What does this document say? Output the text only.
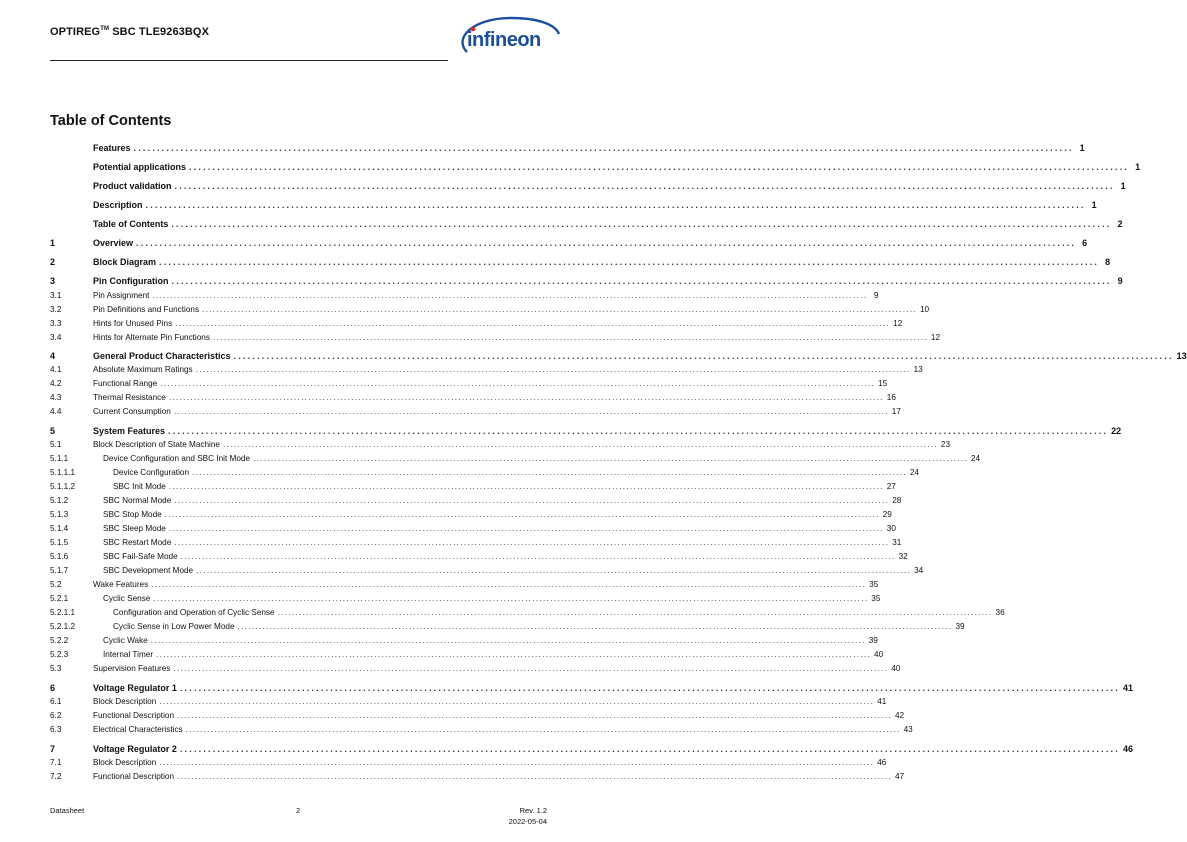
OPTIREG™ SBC TLE9263BQX	infineon
Table of Contents
Features ........................................................................................................................................................................................................ 1
Potential applications ........................................................................................................................................................................................................ 1
Product validation ........................................................................................................................................................................................................ 1
Description ........................................................................................................................................................................................................ 1
Table of Contents ........................................................................................................................................................................................................ 2
1	Overview ........................................................................................................................................................................................................ 6
2	Block Diagram ........................................................................................................................................................................................................ 8
3	Pin Configuration ........................................................................................................................................................................................................ 9
3.1	Pin Assignment ........................................................................................................................................................................................................ 9
3.2	Pin Definitions and Functions ........................................................................................................................................................................................................ 10
3.3	Hints for Unused Pins ........................................................................................................................................................................................................ 12
3.4	Hints for Alternate Pin Functions ........................................................................................................................................................................................................ 12
4	General Product Characteristics ........................................................................................................................................................................................................ 13
4.1	Absolute Maximum Ratings ........................................................................................................................................................................................................ 13
4.2	Functional Range ........................................................................................................................................................................................................ 15
4.3	Thermal Resistance ........................................................................................................................................................................................................ 16
4.4	Current Consumption ........................................................................................................................................................................................................ 17
5	System Features ........................................................................................................................................................................................................ 22
5.1	Block Description of State Machine ........................................................................................................................................................................................................ 23
5.1.1	Device Configuration and SBC Init Mode ........................................................................................................................................................................................................ 24
5.1.1.1	Device Configuration ........................................................................................................................................................................................................ 24
5.1.1.2	SBC Init Mode ........................................................................................................................................................................................................ 27
5.1.2	SBC Normal Mode ........................................................................................................................................................................................................ 28
5.1.3	SBC Stop Mode ........................................................................................................................................................................................................ 29
5.1.4	SBC Sleep Mode ........................................................................................................................................................................................................ 30
5.1.5	SBC Restart Mode ........................................................................................................................................................................................................ 31
5.1.6	SBC Fail-Safe Mode ........................................................................................................................................................................................................ 32
5.1.7	SBC Development Mode ........................................................................................................................................................................................................ 34
5.2	Wake Features ........................................................................................................................................................................................................ 35
5.2.1	Cyclic Sense ........................................................................................................................................................................................................ 35
5.2.1.1	Configuration and Operation of Cyclic Sense ........................................................................................................................................................................................................ 36
5.2.1.2	Cyclic Sense in Low Power Mode ........................................................................................................................................................................................................ 39
5.2.2	Cyclic Wake ........................................................................................................................................................................................................ 39
5.2.3	Internal Timer ........................................................................................................................................................................................................ 40
5.3	Supervision Features ........................................................................................................................................................................................................ 40
6	Voltage Regulator 1 ........................................................................................................................................................................................................ 41
6.1	Block Description ........................................................................................................................................................................................................ 41
6.2	Functional Description ........................................................................................................................................................................................................ 42
6.3	Electrical Characteristics ........................................................................................................................................................................................................ 43
7	Voltage Regulator 2 ........................................................................................................................................................................................................ 46
7.1	Block Description ........................................................................................................................................................................................................ 46
7.2	Functional Description ........................................................................................................................................................................................................ 47
Datasheet	2	Rev. 1.2
2022-05-04
